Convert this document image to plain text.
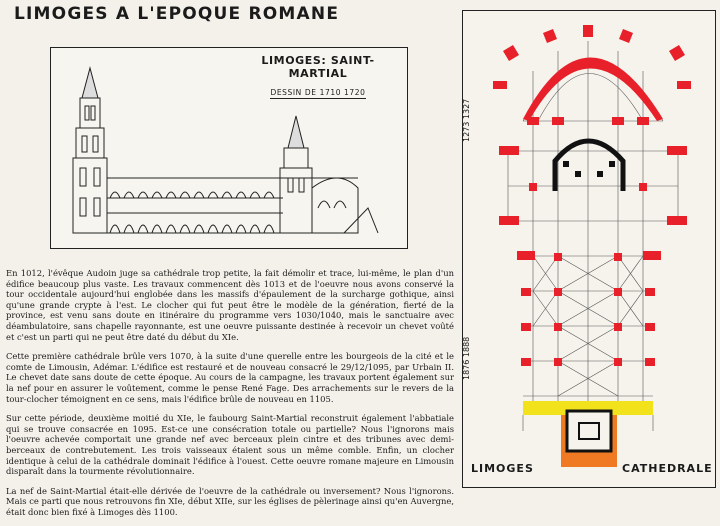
LIMOGES A L'EPOQUE ROMANE
LIMOGES: SAINT-MARTIAL
DESSIN DE 1710 1720

En 1012, l'évêque Audoin juge sa cathédrale trop petite, la fait démolir et trace, lui-même, le plan d'un édifice beaucoup plus vaste. Les travaux commencent dès 1013 et de l'oeuvre nous avons conservé la tour occidentale aujourd'hui englobée dans les massifs d'épaulement de la surcharge gothique, ainsi qu'une grande crypte à l'est. Le clocher qui fut peut être le modèle de la génération, fierté de la province, est venu sans doute en itinéraire du programme vers 1030/1040, mais le sanctuaire avec déambulatoire, sans chapelle rayonnante, est une oeuvre puissante destinée à recevoir un chevet voûté et c'est un parti qui ne peut être daté du début du XIe.

Cette première cathédrale brûle vers 1070, à la suite d'une querelle entre les bourgeois de la cité et le comte de Limousin, Adémar. L'édifice est restauré et de nouveau consacré le 29/12/1095, par Urbain II. Le chevet date sans doute de cette époque. Au cours de la campagne, les travaux portent également sur la nef pour en assurer le voûtement, comme le pense René Fage. Des arrachements sur le revers de la tour-clocher témoignent en ce sens, mais l'édifice brûle de nouveau en 1105.

Sur cette période, deuxième moitié du XIe, le faubourg Saint-Martial reconstruit également l'abbatiale qui se trouve consacrée en 1095. Est-ce une consécration totale ou partielle? Nous l'ignorons mais l'oeuvre achevée comportait une grande nef avec berceaux plein cintre et des tribunes avec demi-berceaux de contrebutement. Les trois vaisseaux étaient sous un même comble. Enfin, un clocher identique à celui de la cathédrale dominait l'édifice à l'ouest. Cette oeuvre romane majeure en Limousin disparaît dans la tourmente révolutionnaire.

La nef de Saint-Martial était-elle dérivée de l'oeuvre de la cathédrale ou inversement? Nous l'ignorons. Mais ce parti que nous retrouvons fin XIe, début XIIe, sur les églises de pèlerinage ainsi qu'en Auvergne, était donc bien fixé à Limoges dès 1100.

1273 1327
1876 1888
LIMOGES	CATHEDRALE
